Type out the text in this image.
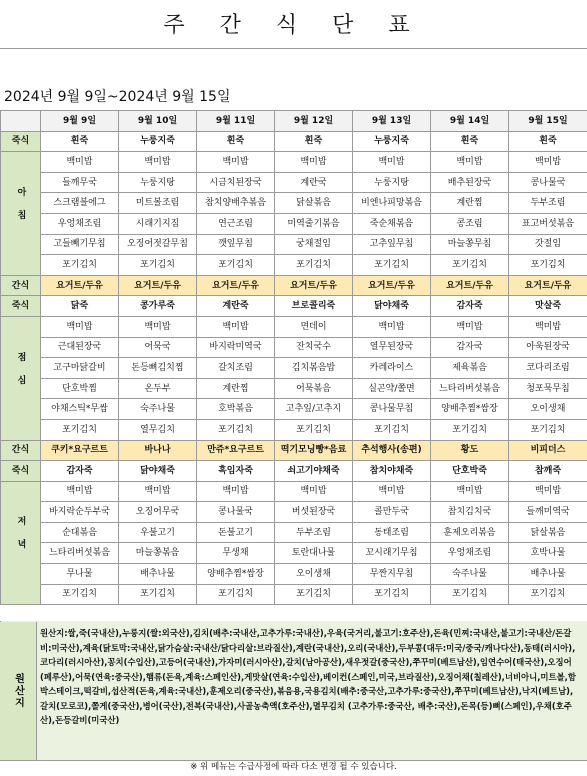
주 간 식 단 표
2024년 9월 9일~2024년 9월 15일
	9월 9일	9월 10일	9월 11일	9월 12일	9월 13일	9월 14일	9월 15일
죽식	흰죽	누룽지죽	흰죽	흰죽	누룽지죽	흰죽	흰죽
아침	백미밥	백미밥	백미밥	백미밥	백미밥	백미밥	백미밥
	들깨무국	누룽지탕	시금치된장국	계란국	누룽지탕	배추된장국	콩나물국
	스크램블에그	미트볼조림	참치양배추볶음	닭살볶음	비엔나피망볶음	계란찜	두부조림
	우엉채조림	시래기지짐	연근조림	미역줄기볶음	죽순채볶음	콩조림	표고버섯볶음
	고들빼기무침	오징어젓갈무침	깻잎무침	궁채절임	고추잎무침	마늘쫑무침	갓절임
	포기김치	포기김치	포기김치	포기김치	포기김치	포기김치	포기김치
간식	요거트/두유	요거트/두유	요거트/두유	요거트/두유	요거트/두유	요거트/두유	요거트/두유
죽식	닭죽	콩가루죽	계란죽	브로콜리죽	닭야채죽	감자죽	맛살죽
점심	백미밥	백미밥	백미밥	면데이	백미밥	백미밥	백미밥
	근대된장국	어묵국	바지락미역국	잔치국수	열무된장국	감자국	아욱된장국
	고구마닭갈비	돈등뼈김치찜	갈치조림	김치볶음밥	카레라이스	제육볶음	코다리조림
	단호박찜	온두부	계란찜	어묵볶음	실곤약/쫄면	느타리버섯볶음	청포묵무침
	야채스틱*무쌈	숙주나물	호박볶음	고추잎/고추지	콩나물무침	양배추찜*쌈장	오이생채
	포기김치	열무김치	포기김치	포기김치	포기김치	포기김치	포기김치
간식	쿠키*요구르트	바나나	만쥬*요구르트	떡기모닝빵*음료	추석행사(송편)	황도	비피더스
죽식	감자죽	닭야채죽	흑임자죽	쇠고기야채죽	참치야채죽	단호박죽	참깨죽
저녁	백미밥	백미밥	백미밥	백미밥	백미밥	백미밥	백미밥
	바지락순두부국	오징어무국	콩나물국	버섯된장국	콜만두국	참치김치국	들깨미역국
	순대볶음	우불고기	돈불고기	두부조림	동태조림	훈제오리볶음	닭살볶음
	느타리버섯볶음	마늘쫑볶음	무생채	토란대나물	꼬시래기무침	우엉채조림	호박나물
	무나물	배추나물	양배추찜*쌈장	오이생채	무짠지무침	숙주나물	배추나물
	포기김치	포기김치	포기김치	포기김치	포기김치	포기김치	포기김치
원산지
원산지:쌀,죽(국내산),누룽지(쌀:외국산),김치(배추:국내산,고추가루:국내산),우육(국거리,불고기:호주산),돈육(민찌:국내산,불고기:국내산/돈갈비:미국산),계육(닭토막:국내산,닭가슴살:국내산/닭다리살:브라질산),계란(국내산),오리(국내산),두부콩(대두:미국/중국/캐나다산),동태(러시아),코다리(러시아산),꽁치(수입산),고등어(국내산),가자미(러시아산),갈치(남아공산),새우젓갈(중국산),쭈꾸미(베트남산),임연수어(태국산),오징어(페루산),어묵(연육:중국산),햄류(돈육,계육:스페인산),게맛살(연육:수입산),베이컨(스페인,미국,브라질산),오징어채(칠레산),너비아니,미트볼,함박스테이크,떡갈비,섭산적(돈육,계육:국내산),훈제오리(중국산),볶음용,국용김치(배추:중국산,고추가루:중국산),쭈꾸미(베트남산),낙지(베트남),갈치(모로코),쫄게(중국산),병어(국산),전복(국내산),사골농축액(호주산),멸무김치 (고추가루:중국산, 배추:국산),돈목(등)뼈(스페인),우채(호주산),돈등갈비(미국산)
※ 위 메뉴는 수급사정에 따라 다소 변경 될 수 있습니다.
